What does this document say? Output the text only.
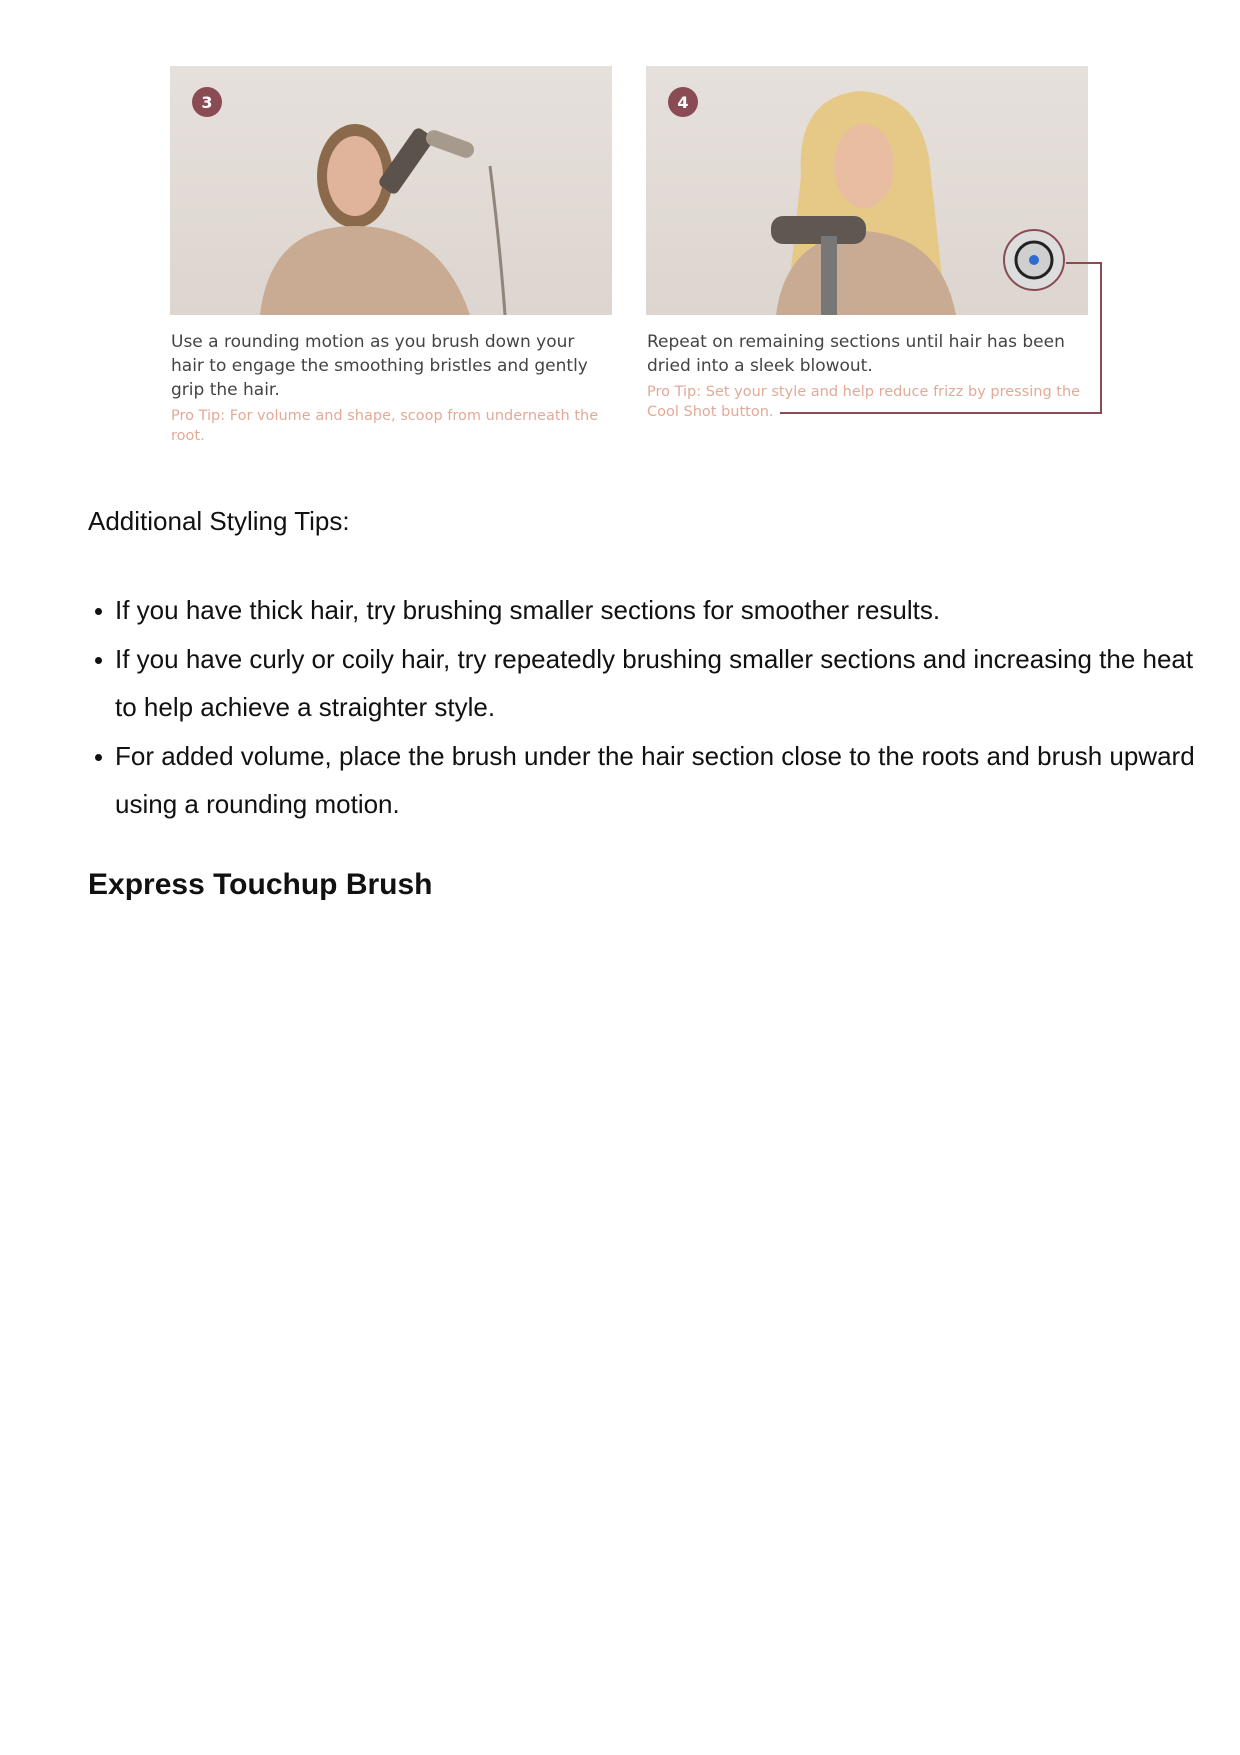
3	4
Use a rounding motion as you brush down your hair to engage the smoothing bristles and gently grip the hair.
Pro Tip: For volume and shape, scoop from underneath the root.
Repeat on remaining sections until hair has been dried into a sleek blowout.
Pro Tip: Set your style and help reduce frizz by pressing the Cool Shot button.
Additional Styling Tips:
If you have thick hair, try brushing smaller sections for smoother results.
If you have curly or coily hair, try repeatedly brushing smaller sections and increasing the heat to help achieve a straighter style.
For added volume, place the brush under the hair section close to the roots and brush upward using a rounding motion.
Express Touchup Brush
